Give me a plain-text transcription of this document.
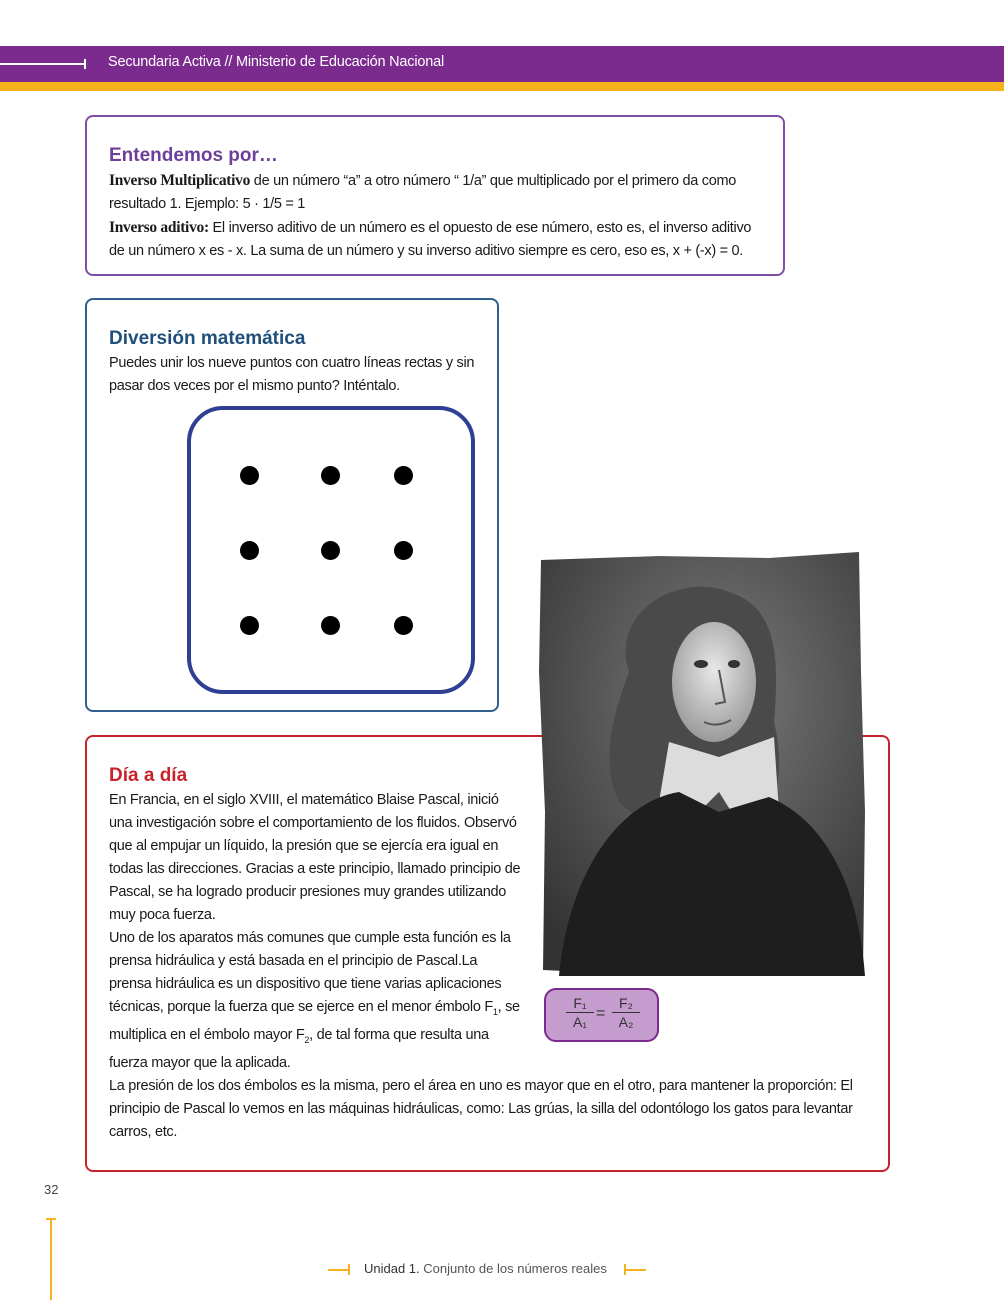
Secundaria Activa // Ministerio de Educación Nacional
Entendemos por…
Inverso Multiplicativo de un número “a” a otro número “ 1/a” que multiplicado por el primero da como resultado 1. Ejemplo: 5 · 1/5 = 1
Inverso aditivo: El inverso aditivo de un número es el opuesto de ese número, esto es, el inverso aditivo de un número x es - x. La suma de un número y su inverso aditivo siempre es cero, eso es, x + (-x) = 0.
Diversión matemática
Puedes unir los nueve puntos con cuatro líneas rectas y sin pasar dos veces por el mismo punto? Inténtalo.
Día a día
En Francia, en el siglo XVIII, el matemático Blaise Pascal, inició una investigación sobre el comportamiento de los fluidos. Observó que al empujar un líquido, la presión que se ejercía era igual en todas las direcciones. Gracias a este principio, llamado principio de Pascal, se ha logrado producir presiones muy grandes utilizando muy poca fuerza.
Uno de los aparatos más comunes que cumple esta función es la prensa hidráulica y está basada en el principio de Pascal.La prensa hidráulica es un dispositivo que tiene varias aplicaciones técnicas, porque la fuerza que se ejerce en el menor émbolo $F_1$, se multiplica en el émbolo mayor $F_2$, de tal forma que resulta una fuerza mayor que la aplicada.
La presión de los dos émbolos es la misma, pero el área en uno es mayor que en el otro, para mantener la proporción: El principio de Pascal lo vemos en las máquinas hidráulicas, como: Las grúas, la silla del odontólogo los gatos para levantar carros, etc.
$\frac{\text{F₁}}{\text{A₁}} = \frac{\text{F₂}}{\text{A₂}}$
32
Unidad 1. Conjunto de los números reales
